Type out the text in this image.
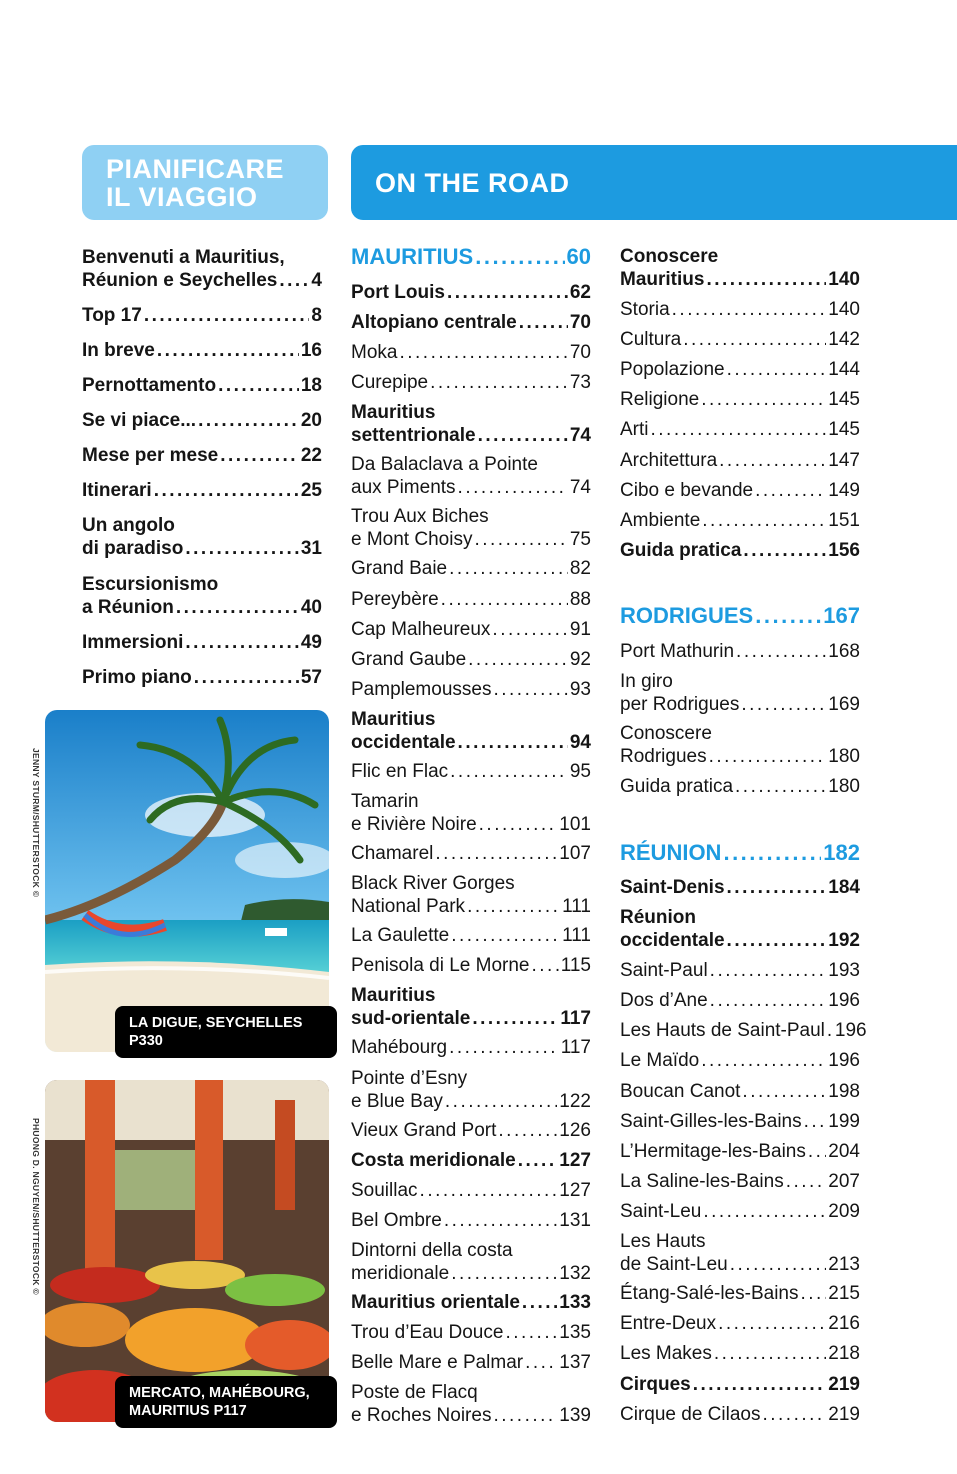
PIANIFICARE
IL VIAGGIO	ON THE ROAD
Benvenuti a Mauritius,
Réunion e Seychelles ..... 4
Top 17 .....	8
In breve .....	16
Pernottamento .....	18
Se vi piace... .....	20
Mese per mese .....	22
Itinerari .....	25
Un angolo
di paradiso .....	31
Escursionismo
a Réunion .....	40
Immersioni .....	49
Primo piano .....	57
MAURITIUS .....	60
Port Louis .....	62
Altopiano centrale .....	70
Moka .....	70
Curepipe .....	73
Mauritius
settentrionale .....	74
Da Balaclava a Pointe
aux Piments .....	74
Trou Aux Biches
e Mont Choisy .....	75
Grand Baie .....	82
Pereybère .....	88
Cap Malheureux .....	91
Grand Gaube .....	92
Pamplemousses .....	93
Mauritius
occidentale .....	94
Flic en Flac .....	95
Tamarin
e Rivière Noire .....	101
Chamarel .....	107
Black River Gorges
National Park .....	111
La Gaulette .....	111
Penisola di Le Morne ..... 115
Mauritius
sud-orientale .....	117
Mahébourg .....	117
Pointe d’Esny
e Blue Bay .....	122
Vieux Grand Port .....	126
Costa meridionale ..... 127
Souillac .....	127
Bel Ombre .....	131
Dintorni della costa
meridionale .....	132
Mauritius orientale ..... 133
Trou d’Eau Douce .....	135
Belle Mare e Palmar ..... 137
Poste de Flacq
e Roches Noires .....	139
Conoscere
Mauritius .....	140
Storia .....	140
Cultura .....	142
Popolazione .....	144
Religione .....	145
Arti .....	145
Architettura .....	147
Cibo e bevande .....	149
Ambiente .....	151
Guida pratica .....	156
RODRIGUES .....	167
Port Mathurin .....	168
In giro
per Rodrigues .....	169
Conoscere
Rodrigues .....	180
Guida pratica .....	180
RÉUNION .....	182
Saint-Denis .....	184
Réunion
occidentale .....	192
Saint-Paul .....	193
Dos d’Ane .....	196
Les Hauts de Saint-Paul ..... 196
Le Maïdo .....	196
Boucan Canot .....	198
Saint-Gilles-les-Bains ..... 199
L’Hermitage-les-Bains ..... 204
La Saline-les-Bains ..... 207
Saint-Leu .....	209
Les Hauts
de Saint-Leu .....	213
Étang-Salé-les-Bains ..... 215
Entre-Deux .....	216
Les Makes .....	218
Cirques .....	219
Cirque de Cilaos .....	219
LA DIGUE, SEYCHELLES
P330
JENNY STURM/SHUTTERSTOCK ©
MERCATO, MAHÉBOURG,
MAURITIUS P117
PHUONG D. NGUYEN/SHUTTERSTOCK ©
